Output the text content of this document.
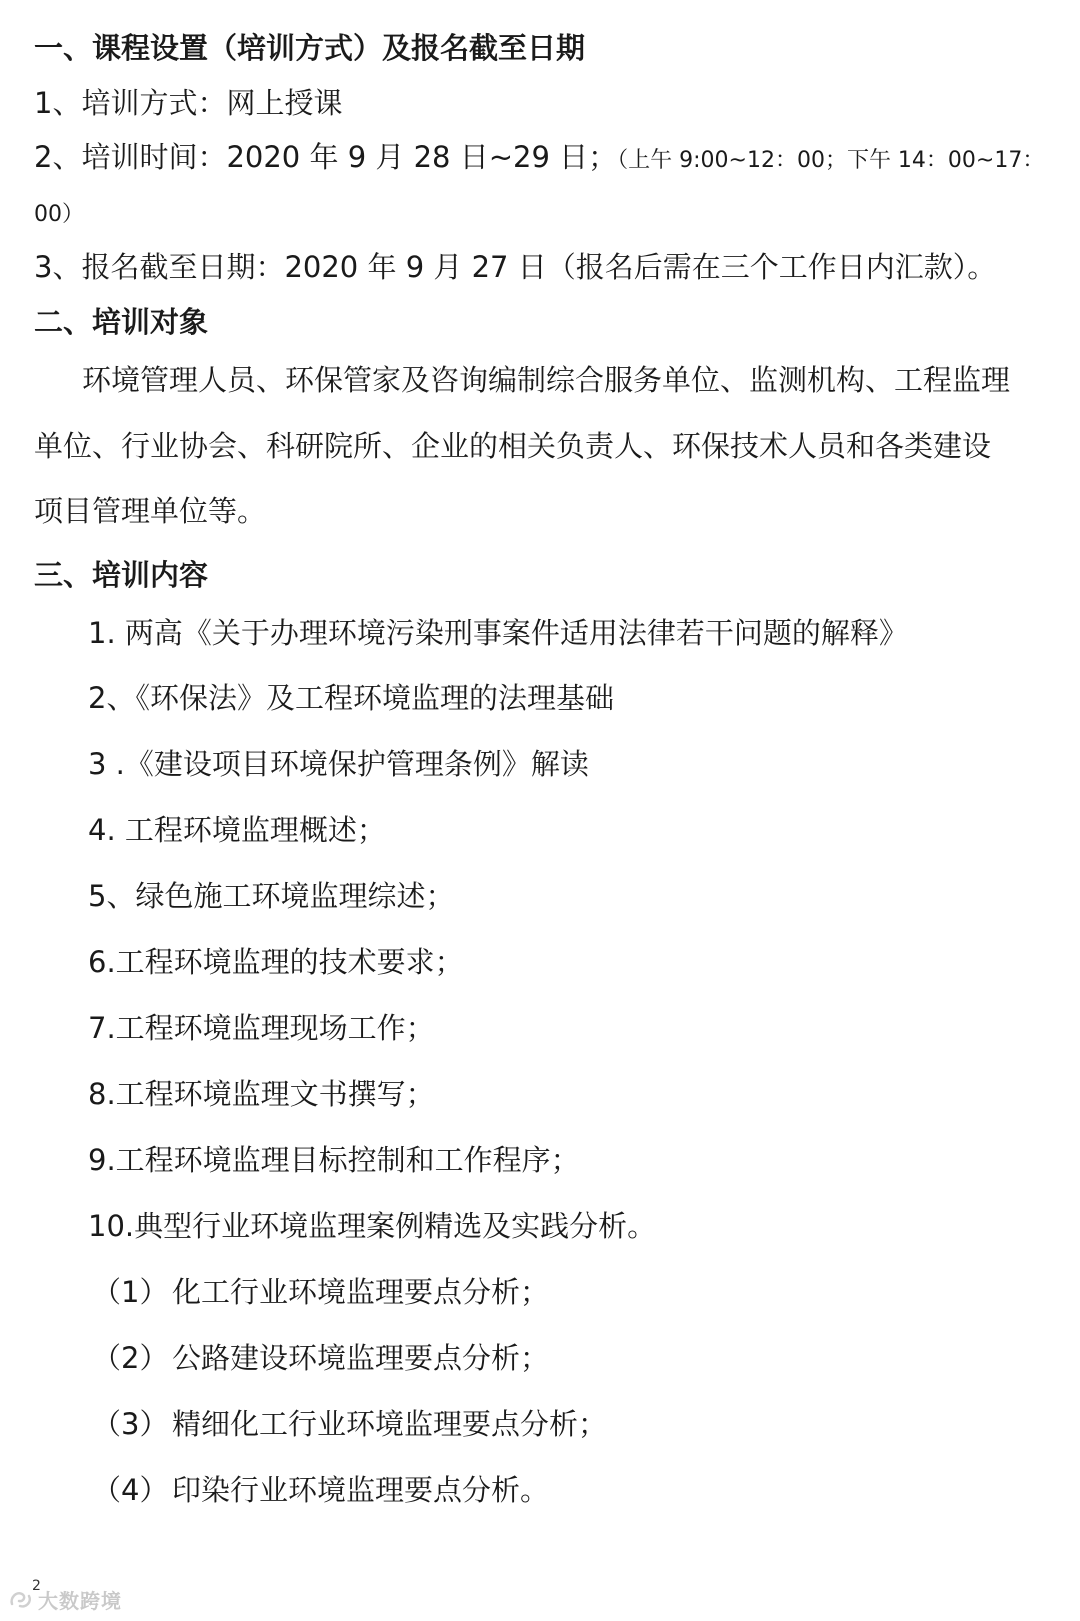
一、课程设置（培训方式）及报名截至日期
1、培训方式：网上授课
2、培训时间：2020 年 9 月 28 日~29 日；（上午 9:00~12：00；下午 14：00~17：
00）
3、报名截至日期：2020 年 9 月 27 日（报名后需在三个工作日内汇款）。
二、培训对象
环境管理人员、环保管家及咨询编制综合服务单位、监测机构、工程监理
单位、行业协会、科研院所、企业的相关负责人、环保技术人员和各类建设
项目管理单位等。
三、培训内容
1. 两高《关于办理环境污染刑事案件适用法律若干问题的解释》
2、《环保法》及工程环境监理的法理基础
3 .《建设项目环境保护管理条例》解读
4. 工程环境监理概述；
5、绿色施工环境监理综述；
6.工程环境监理的技术要求；
7.工程环境监理现场工作；
8.工程环境监理文书撰写；
9.工程环境监理目标控制和工作程序；
10.典型行业环境监理案例精选及实践分析。
（1） 化工行业环境监理要点分析；
（2） 公路建设环境监理要点分析；
（3） 精细化工行业环境监理要点分析；
（4） 印染行业环境监理要点分析。
2
大数跨境
